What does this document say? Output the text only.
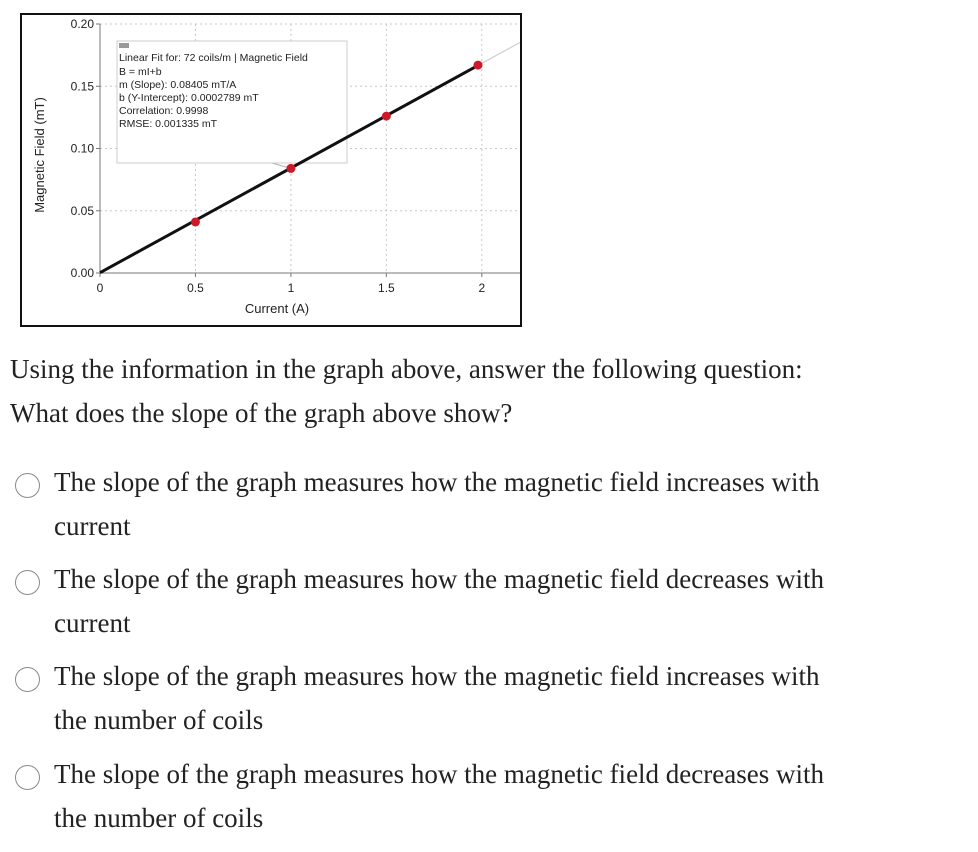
0	0.5	1	1.5	2
0.00
0.05
0.10
0.15
0.20
Current (A)
Magnetic Field (mT)
Linear Fit for: 72 coils/m | Magnetic Field
B = mI+b
m (Slope): 0.08405 mT/A
b (Y-Intercept): 0.0002789 mT
Correlation: 0.9998
RMSE: 0.001335 mT
Using the information in the graph above, answer the following question:
What does the slope of the graph above show?
The slope of the graph measures how the magnetic field increases with
current
The slope of the graph measures how the magnetic field decreases with
current
The slope of the graph measures how the magnetic field increases with
the number of coils
The slope of the graph measures how the magnetic field decreases with
the number of coils
